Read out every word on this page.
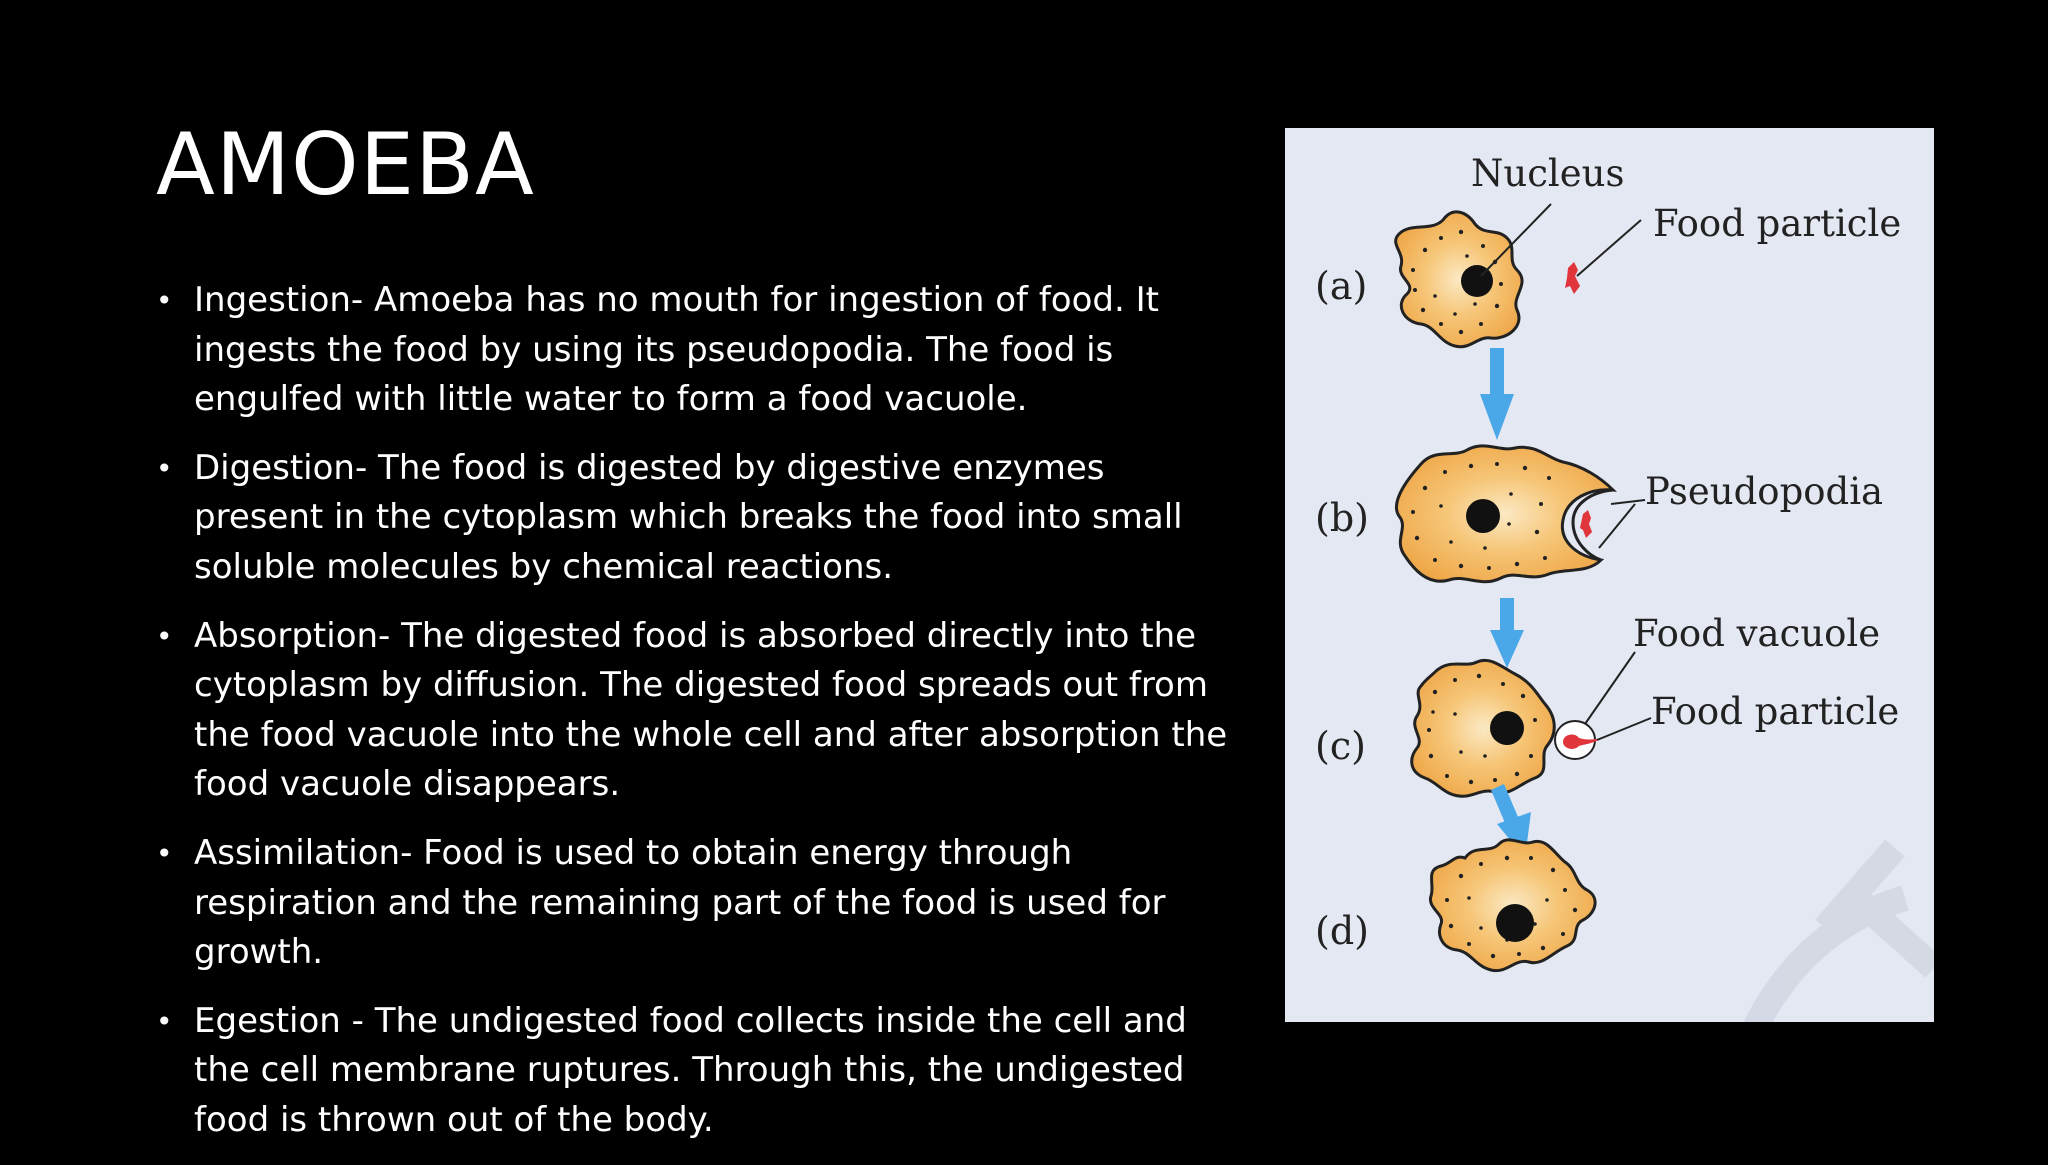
AMOEBA
• Ingestion- Amoeba has no mouth for ingestion of food. It ingests the food by using its pseudopodia. The food is engulfed with little water to form a food vacuole.
• Digestion- The food is digested by digestive enzymes present in the cytoplasm which breaks the food into small soluble molecules by chemical reactions.
• Absorption- The digested food is absorbed directly into the cytoplasm by diffusion. The digested food spreads out from the food vacuole into the whole cell and after absorption the food vacuole disappears.
• Assimilation- Food is used to obtain energy through respiration and the remaining part of the food is used for growth.
• Egestion - The undigested food collects inside the cell and the cell membrane ruptures. Through this, the undigested food is thrown out of the body.
(a)
Nucleus
Food particle
(b)
Pseudopodia
(c)
Food vacuole
Food particle
(d)
